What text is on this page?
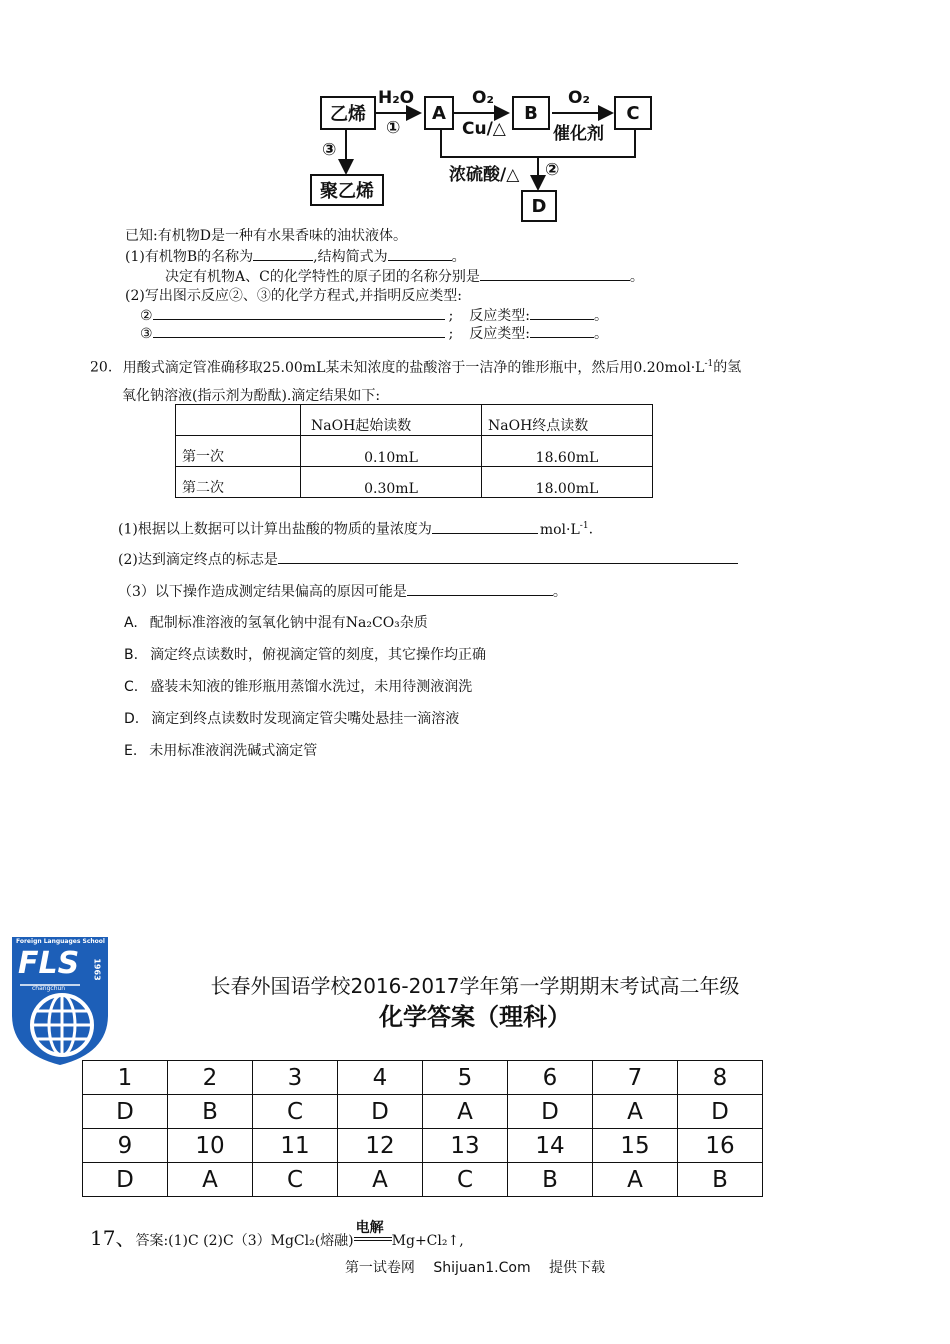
乙烯	A	B	C
聚乙烯
D
H₂O
①
O₂
Cu/△
O₂
催化剂
③
浓硫酸/△ ②
已知:有机物D是一种有水果香味的油状液体。
(1)有机物B的名称为	,结构简式为	。
决定有机物A、C的化学特性的原子团的名称分别是	。
(2)写出图示反应②、③的化学方程式,并指明反应类型:
②	; 反应类型:	。
③	; 反应类型:	。
20. 用酸式滴定管准确移取25.00mL某未知浓度的盐酸溶于一洁净的锥形瓶中，然后用$0.20mol\cdot L^{-1}$的氢
氧化钠溶液(指示剂为酚酞).滴定结果如下:
	NaOH起始读数	NaOH终点读数
第一次	0.10mL	18.60mL
第二次	0.30mL	18.00mL
(1)根据以上数据可以计算出盐酸的物质的量浓度为	$mol\cdot L^{-1}$.
(2)达到滴定终点的标志是
（3）以下操作造成测定结果偏高的原因可能是	。
A. 配制标准溶液的氢氧化钠中混有Na₂CO₃杂质
B. 滴定终点读数时，俯视滴定管的刻度，其它操作均正确
C. 盛装未知液的锥形瓶用蒸馏水洗过，未用待测液润洗
D. 滴定到终点读数时发现滴定管尖嘴处悬挂一滴溶液
E. 未用标准液润洗碱式滴定管
Foreign Languages School
FLS
changchun
1963
长春外国语学校2016-2017学年第一学期期末考试高二年级
化学答案（理科）
1	2	3	4	5	6	7	8
D	B	C	D	A	D	A	D
9	10	11	12	13	14	15	16
D	A	C	A	C	B	A	B
17、答案:(1)C (2)C（3）MgCl₂(熔融)
电解
Mg+Cl₂↑,
第一试卷网 Shijuan1.Com 提供下载
